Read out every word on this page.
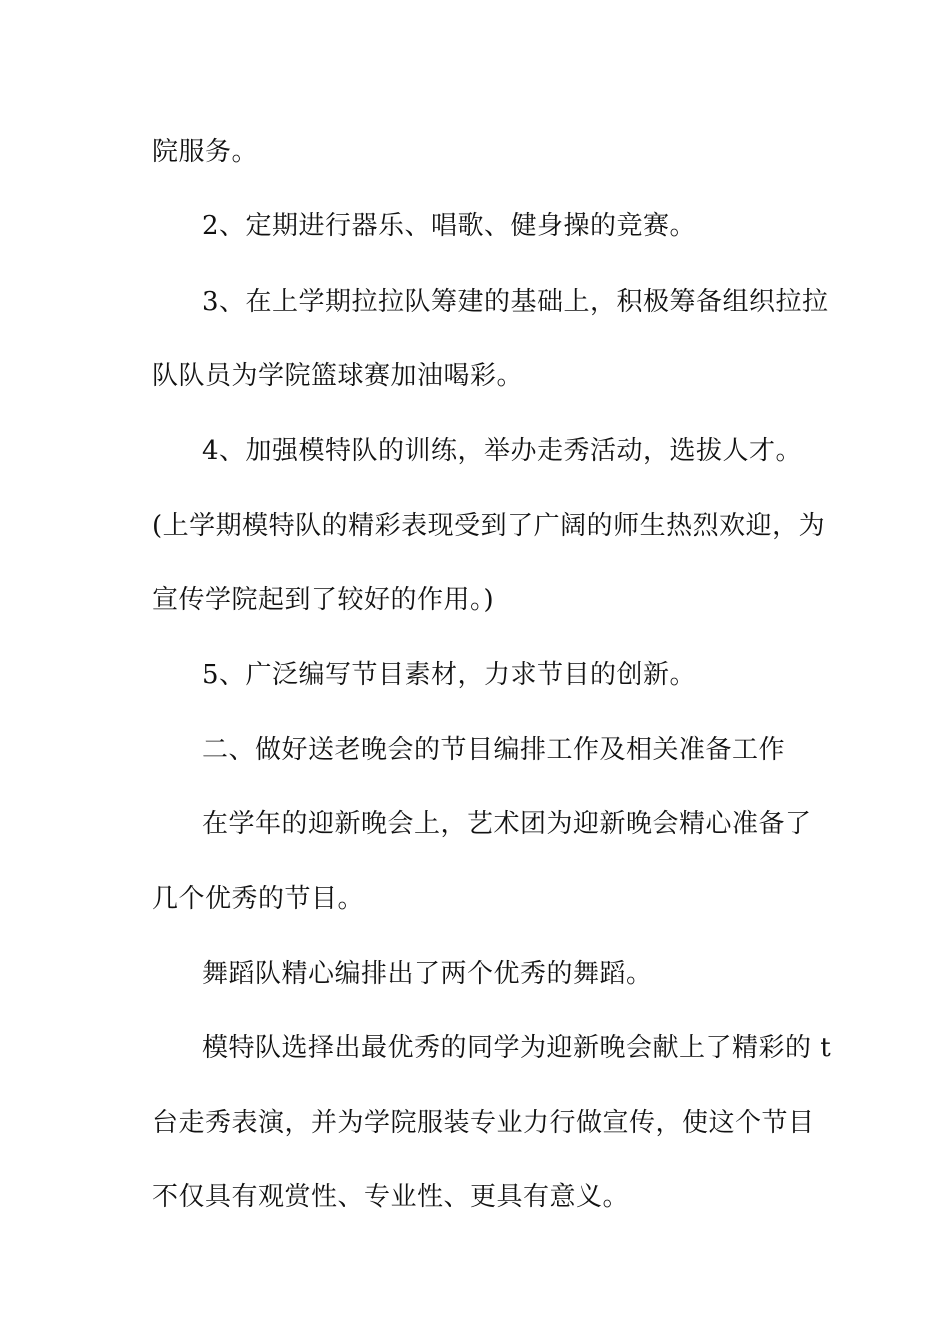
院服务。
2、定期进行器乐、唱歌、健身操的竞赛。
3、在上学期拉拉队筹建的基础上，积极筹备组织拉拉
队队员为学院篮球赛加油喝彩。
4、加强模特队的训练，举办走秀活动，选拔人才。
(上学期模特队的精彩表现受到了广阔的师生热烈欢迎，为
宣传学院起到了较好的作用。)
5、广泛编写节目素材，力求节目的创新。
二、做好送老晚会的节目编排工作及相关准备工作
在学年的迎新晚会上，艺术团为迎新晚会精心准备了
几个优秀的节目。
舞蹈队精心编排出了两个优秀的舞蹈。
模特队选择出最优秀的同学为迎新晚会献上了精彩的 t
台走秀表演，并为学院服装专业力行做宣传，使这个节目
不仅具有观赏性、专业性、更具有意义。
